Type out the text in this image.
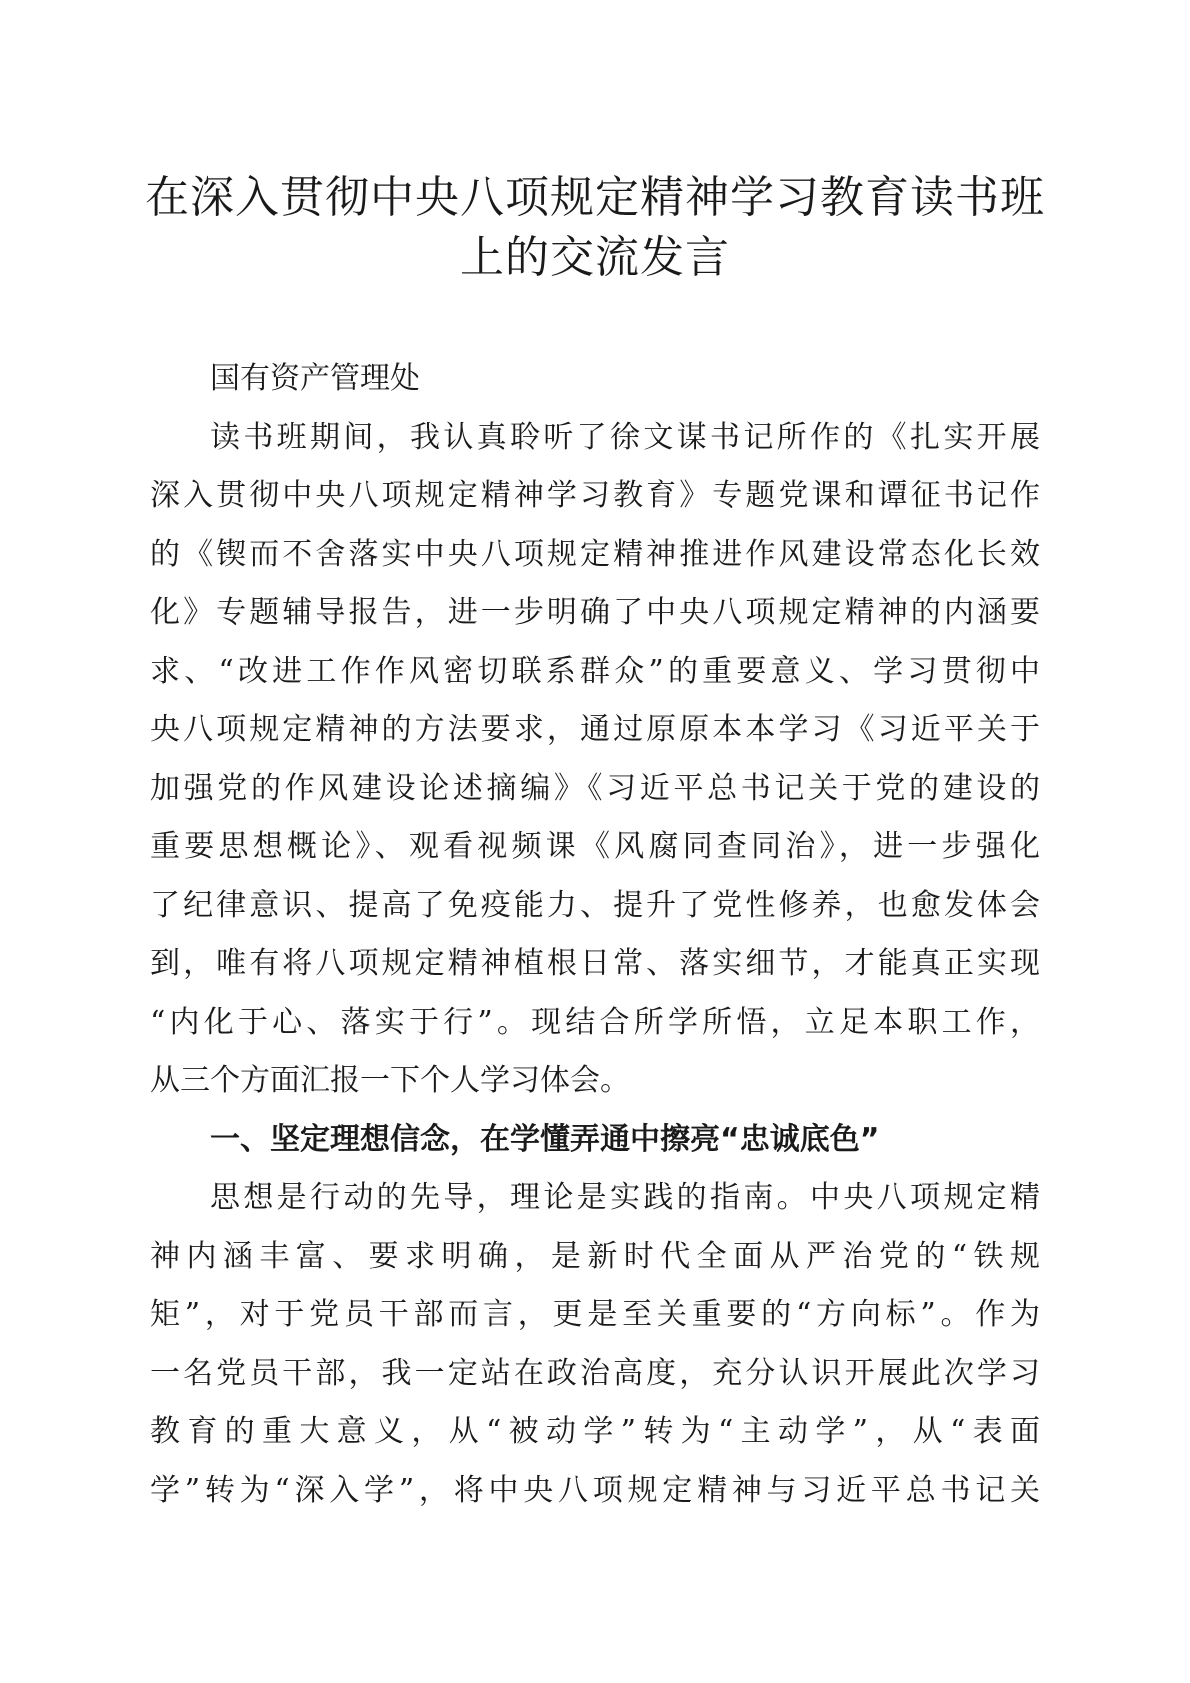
在深入贯彻中央八项规定精神学习教育读书班
上的交流发言
国有资产管理处
读书班期间，我认真聆听了徐文谋书记所作的《扎实开展
深入贯彻中央八项规定精神学习教育》专题党课和谭征书记作
的《锲而不舍落实中央八项规定精神推进作风建设常态化长效
化》专题辅导报告，进一步明确了中央八项规定精神的内涵要
求、“改进工作作风密切联系群众”的重要意义、学习贯彻中
央八项规定精神的方法要求，通过原原本本学习《习近平关于
加强党的作风建设论述摘编》《习近平总书记关于党的建设的
重要思想概论》、观看视频课《风腐同查同治》，进一步强化
了纪律意识、提高了免疫能力、提升了党性修养，也愈发体会
到，唯有将八项规定精神植根日常、落实细节，才能真正实现
“内化于心、落实于行”。现结合所学所悟，立足本职工作，
从三个方面汇报一下个人学习体会。
一、坚定理想信念，在学懂弄通中擦亮“忠诚底色”
思想是行动的先导，理论是实践的指南。中央八项规定精
神内涵丰富、要求明确，是新时代全面从严治党的“铁规
矩”，对于党员干部而言，更是至关重要的“方向标”。作为
一名党员干部，我一定站在政治高度，充分认识开展此次学习
教育的重大意义，从“被动学”转为“主动学”，从“表面
学”转为“深入学”，将中央八项规定精神与习近平总书记关
